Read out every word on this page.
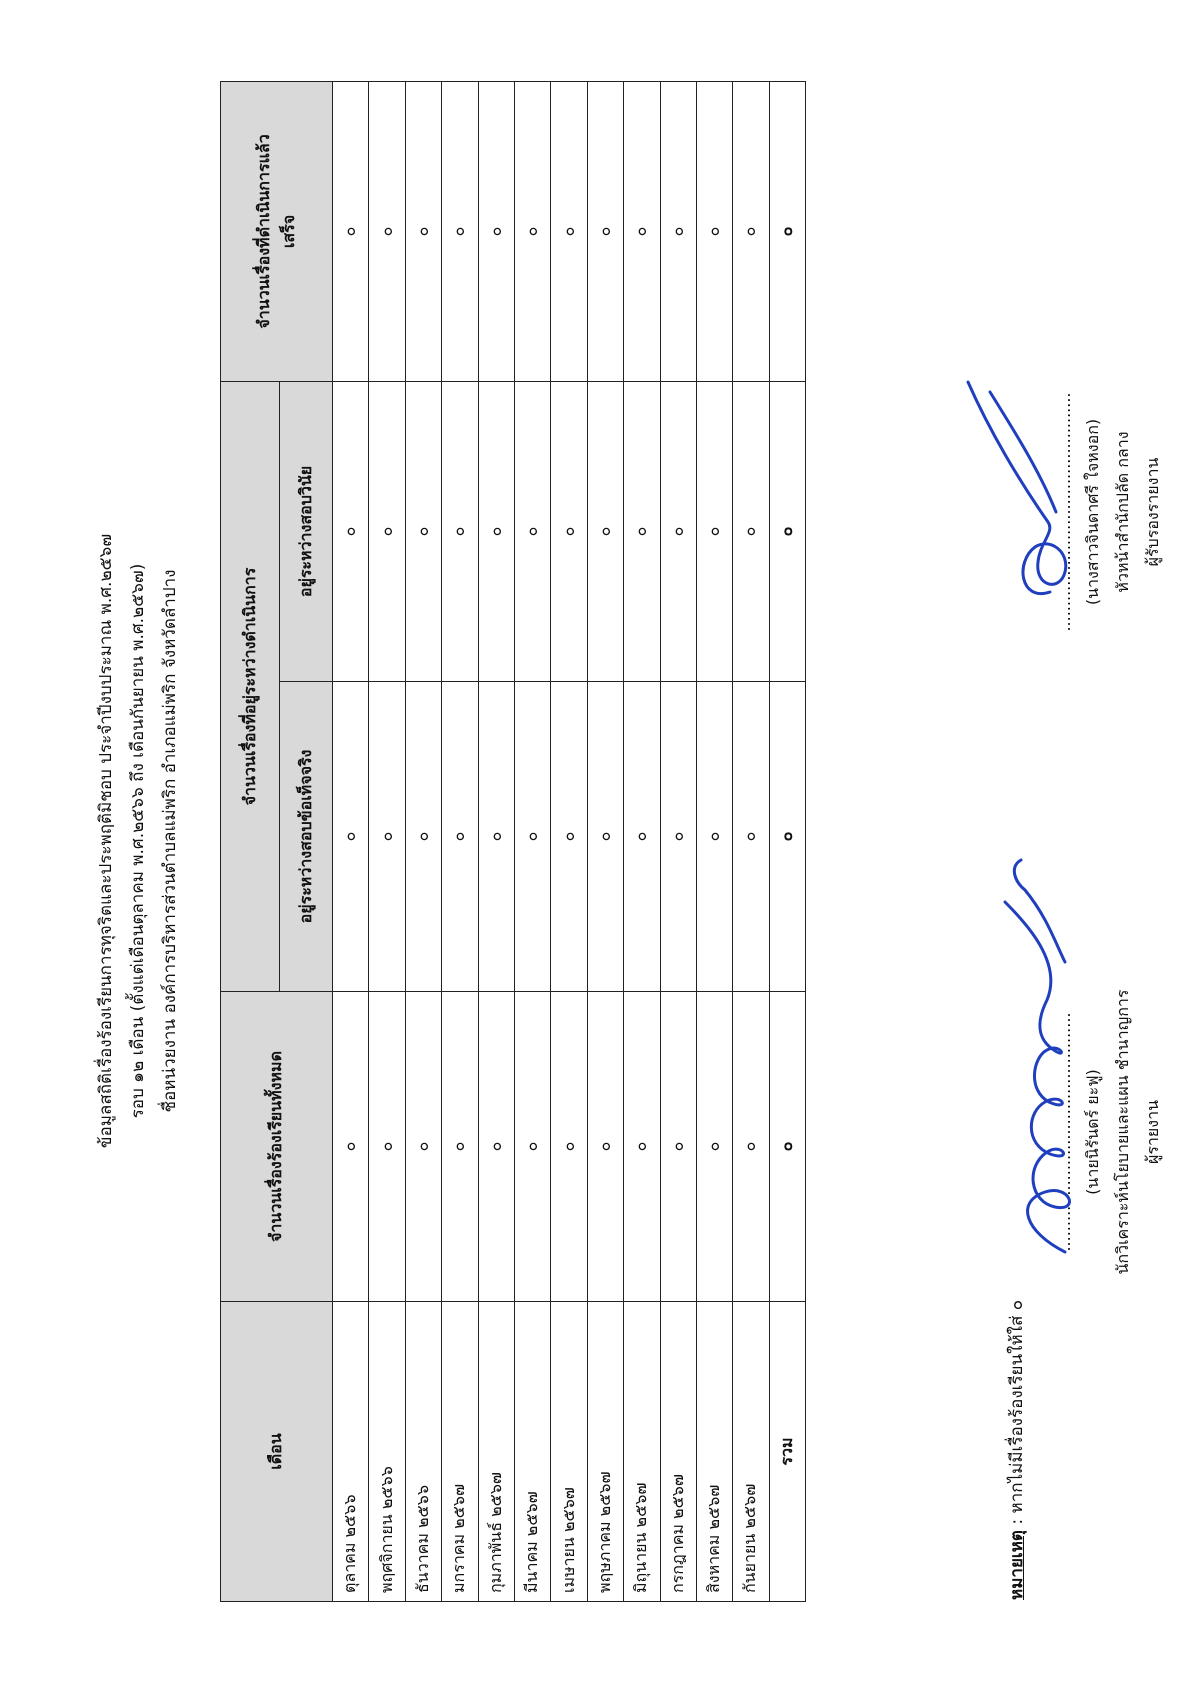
ข้อมูลสถิติเรื่องร้องเรียนการทุจริตและประพฤติมิชอบ ประจำปีงบประมาณ พ.ศ.๒๕๖๗ รอบ ๑๒ เดือน (ตั้งแต่เดือนตุลาคม พ.ศ.๒๕๖๖ ถึง เดือนกันยายน พ.ศ.๒๕๖๗) ชื่อหน่วยงาน องค์การบริหารส่วนตำบลแม่พริก อำเภอแม่พริก จังหวัดลำปาง
เดือน	จำนวนเรื่องร้องเรียนทั้งหมด	จำนวนเรื่องที่อยู่ระหว่างดำเนินการ		จำนวนเรื่องที่ดำเนินการแล้ว เสร็จ

		อยู่ระหว่างสอบข้อเท็จจริง	อยู่ระหว่างสอบวินัย	
ตุลาคม ๒๕๖๖	๐	๐	๐	๐
พฤศจิกายน ๒๕๖๖	๐	๐	๐	๐
ธันวาคม ๒๕๖๖	๐	๐	๐	๐
มกราคม ๒๕๖๗	๐	๐	๐	๐
กุมภาพันธ์ ๒๕๖๗	๐	๐	๐	๐
มีนาคม ๒๕๖๗	๐	๐	๐	๐
เมษายน ๒๕๖๗	๐	๐	๐	๐
พฤษภาคม ๒๕๖๗	๐	๐	๐	๐
มิถุนายน ๒๕๖๗	๐	๐	๐	๐
กรกฎาคม ๒๕๖๗	๐	๐	๐	๐
สิงหาคม ๒๕๖๗	๐	๐	๐	๐
กันยายน ๒๕๖๗	๐	๐	๐	๐
รวม	๐	๐	๐	๐
หมายเหตุ : หากไม่มีเรื่องร้องเรียนให้ใส่ ๐
............................................... (นายนิรันดร์ ยะฟู) นักวิเคราะห์นโยบายและแผน ชำนาญการ ผู้รายงาน
............................................... (นางสาวจินดาศรี ใจหงอก) หัวหน้าสำนักปลัด กลาง ผู้รับรองรายงาน
